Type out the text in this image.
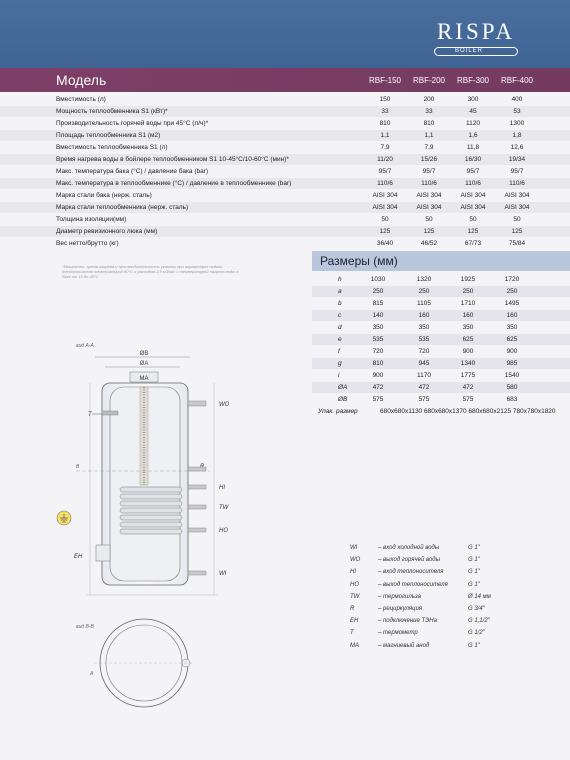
RISPA
BOILER
Модель	RBF-150	RBF-200	RBF-300	RBF-400
Вместимость (л)	150	200	300	400
Мощность теплообменника S1 (кВт)*	33	33	45	53
Производительность горячей воды при 45°С (л/ч)*	810	810	1120	1300
Площадь теплообменника S1 (м2)	1,1	1,1	1,6	1,8
Вместимость теплообменника S1 (л)	7,9	7,9	11,8	12,6
Время нагрева воды в бойлере теплообменником S1 10-45°С/10-60°С (мин)*	11/20	15/26	16/30	19/34
Макс. температура бака (°С) / давление бака (bar)	95/7	95/7	95/7	95/7
Макс. температура в теплообменнике (°С) / давление в теплообменнике (bar)	110/6	110/6	110/6	110/6
Марка стали бака (нерж. сталь)	AISI 304	AISI 304	AISI 304	AISI 304
Марка стали теплообменника (нерж. сталь)	AISI 304	AISI 304	AISI 304	AISI 304
Толщина изоляции(мм)	50	50	50	50
Диаметр ревизионного люка (мм)	125	125	125	125
Вес нетто/брутто (кг)	36/40	46/52	67/73	75/84
*Мощность, время нагрева и производительность указаны при параметрах подачи теплоносителя температурой 80°С и расходом 2,5 м3/час с температурой нагрева воды в баке от 10 до 45°С
Размеры (мм)
h	1030	1320	1925	1720
a	250	250	250	250
b	815	1105	1710	1495
c	140	160	160	160
d	350	350	350	350
e	535	535	625	625
f	720	720	900	900
g	810	945	1340	985
i	900	1170	1775	1540
ØA	472	472	472	580
ØB	575	575	575	683
Упак. размер	680x680x1130 680x680x1370 680x680x2125 780x780x1820
WI	– вход холодной воды	G 1"
WO	– выход горячей воды	G 1"
HI	– вход теплоносителя	G 1"
HO	– выход теплоносителя	G 1"
TW	– термогильза	Ø 14 мм
R	– рециркуляция	G 3/4"
EH	– подключение ТЭНа	G 1,1/2"
T	– термометр	G 1/2"
MA	– магниевый анод	G 1"
вид A-A
ØB
ØA
MA
T
WO
B
HI
TW
HO
EH
WI
вид B-B
A
